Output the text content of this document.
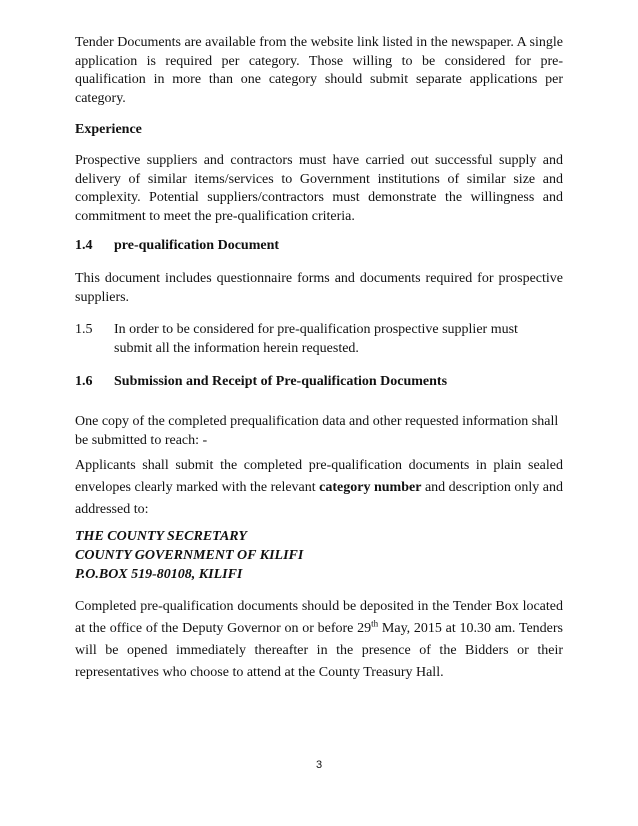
Tender Documents are available from the website link listed in the newspaper. A single application is required per category. Those willing to be considered for pre-qualification in more than one category should submit separate applications per category.
Experience
Prospective suppliers and contractors must have carried out successful supply and delivery of similar items/services to Government institutions of similar size and complexity. Potential suppliers/contractors must demonstrate the willingness and commitment to meet the pre-qualification criteria.
1.4 pre-qualification Document
This document includes questionnaire forms and documents required for prospective suppliers.
1.5 In order to be considered for pre-qualification prospective supplier must submit all the information herein requested.
1.6 Submission and Receipt of Pre-qualification Documents
One copy of the completed prequalification data and other requested information shall be submitted to reach: -
Applicants shall submit the completed pre-qualification documents in plain sealed envelopes clearly marked with the relevant category number and description only and addressed to:
THE COUNTY SECRETARY
COUNTY GOVERNMENT OF KILIFI
P.O.BOX 519-80108, KILIFI
Completed pre-qualification documents should be deposited in the Tender Box located at the office of the Deputy Governor on or before 29th May, 2015 at 10.30 am. Tenders will be opened immediately thereafter in the presence of the Bidders or their representatives who choose to attend at the County Treasury Hall.
3
